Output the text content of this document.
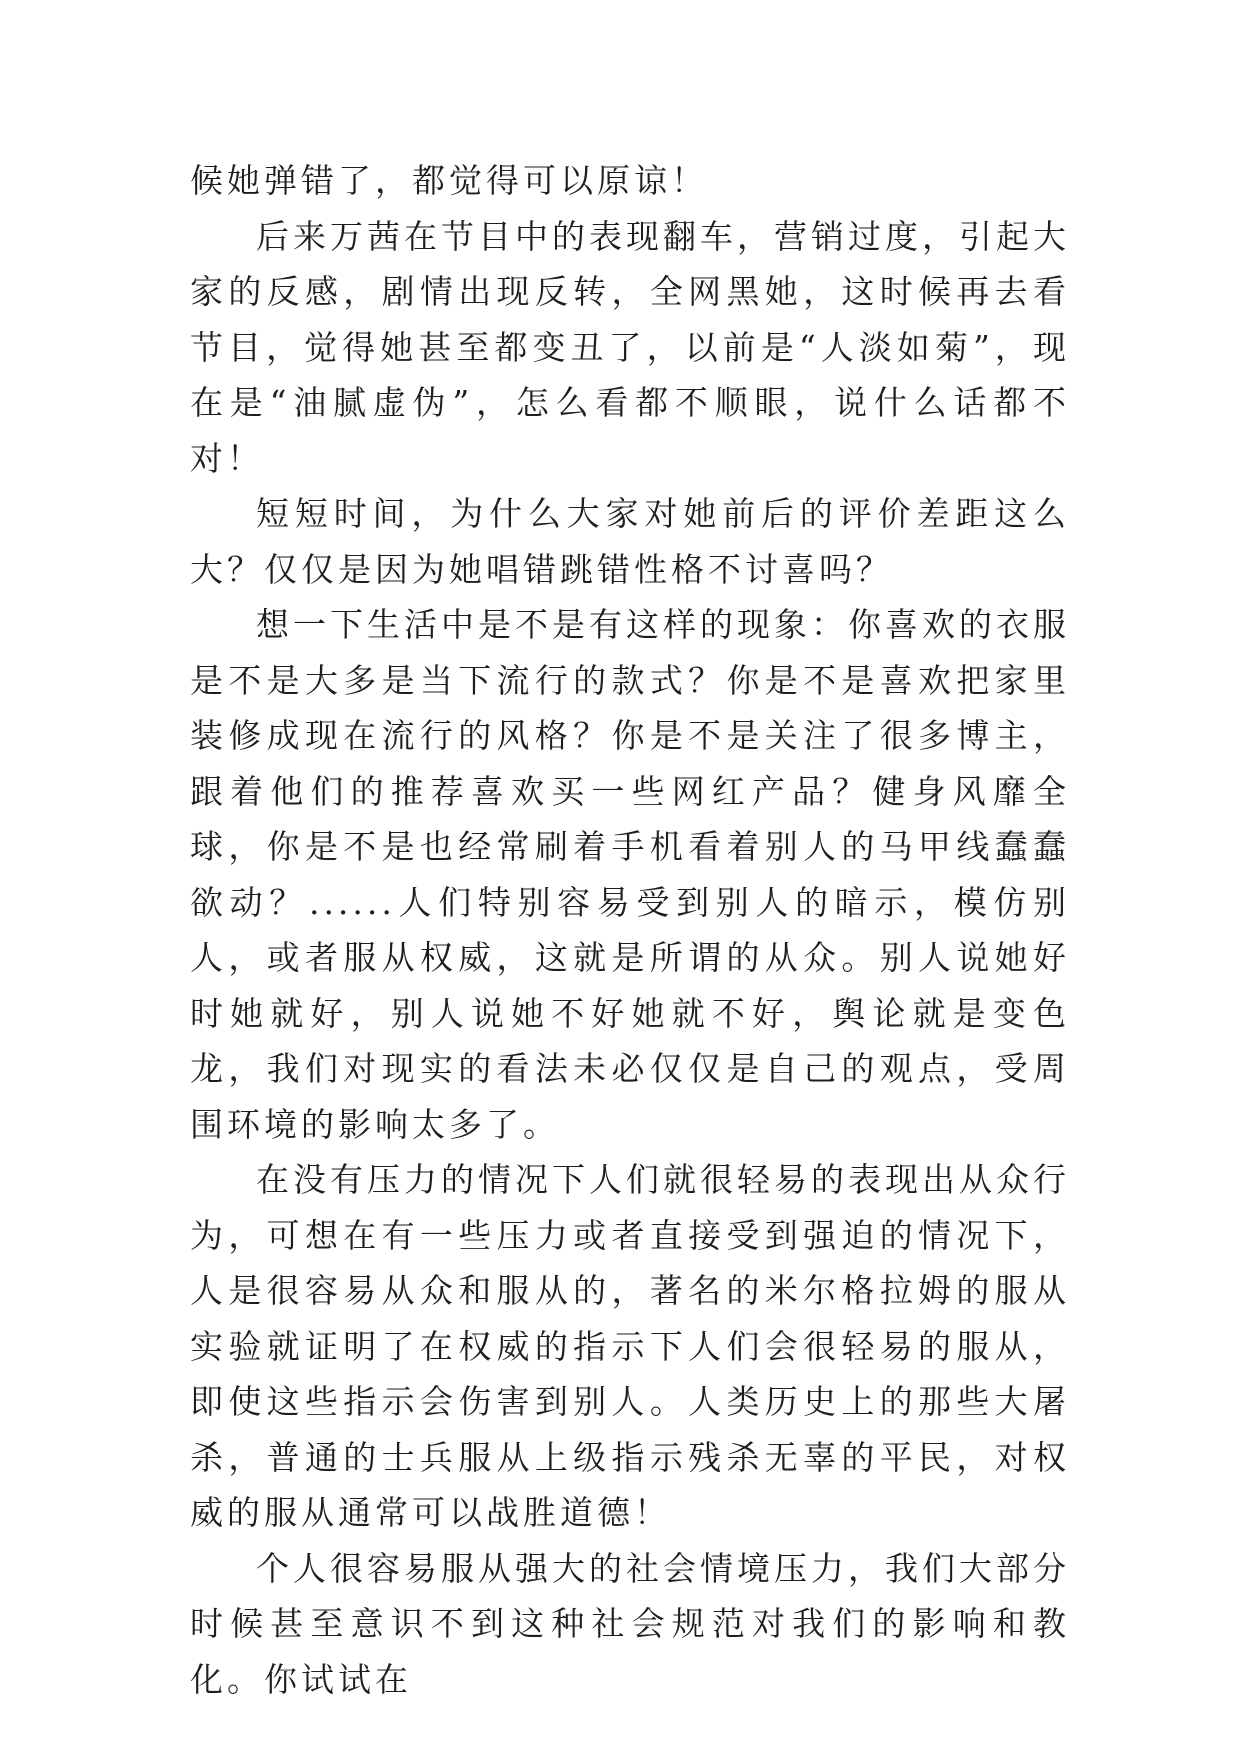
候她弹错了，都觉得可以原谅！

后来万茜在节目中的表现翻车，营销过度，引起大家的反感，剧情出现反转，全网黑她，这时候再去看节目，觉得她甚至都变丑了，以前是“人淡如菊”，现在是“油腻虚伪”，怎么看都不顺眼，说什么话都不对！

短短时间，为什么大家对她前后的评价差距这么大？仅仅是因为她唱错跳错性格不讨喜吗？

想一下生活中是不是有这样的现象：你喜欢的衣服是不是大多是当下流行的款式？你是不是喜欢把家里装修成现在流行的风格？你是不是关注了很多博主，跟着他们的推荐喜欢买一些网红产品？健身风靡全球，你是不是也经常刷着手机看着别人的马甲线蠢蠢欲动？......人们特别容易受到别人的暗示，模仿别人，或者服从权威，这就是所谓的从众。别人说她好时她就好，别人说她不好她就不好，舆论就是变色龙，我们对现实的看法未必仅仅是自己的观点，受周围环境的影响太多了。

在没有压力的情况下人们就很轻易的表现出从众行为，可想在有一些压力或者直接受到强迫的情况下，人是很容易从众和服从的，著名的米尔格拉姆的服从实验就证明了在权威的指示下人们会很轻易的服从，即使这些指示会伤害到别人。人类历史上的那些大屠杀，普通的士兵服从上级指示残杀无辜的平民，对权威的服从通常可以战胜道德！

个人很容易服从强大的社会情境压力，我们大部分时候甚至意识不到这种社会规范对我们的影响和教化。你试试在
